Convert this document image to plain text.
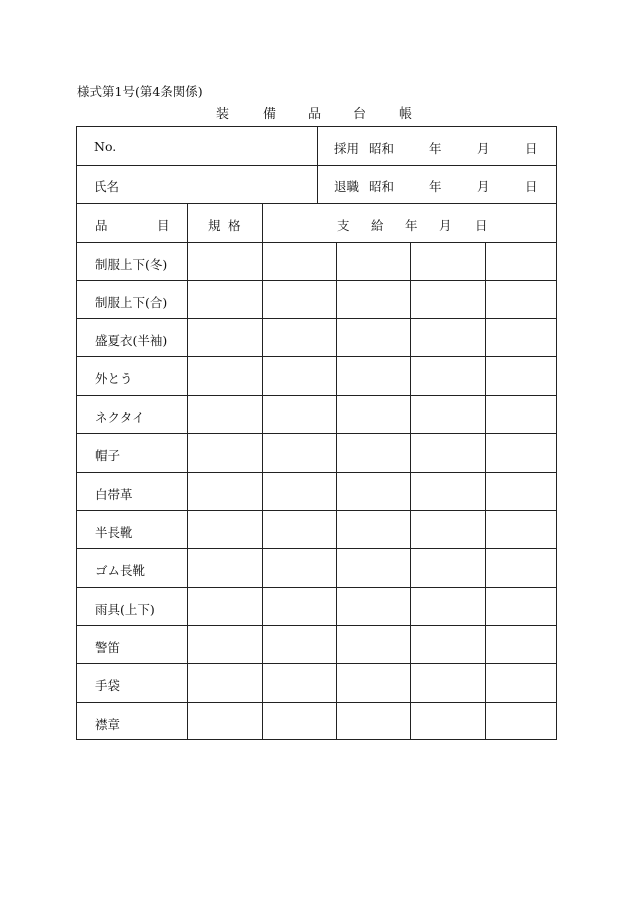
様式第1号(第4条関係)
装	備 品 台	帳
No.	採用 昭和	年	月	日
氏名	退職 昭和	年	月	日
品	目	規 格	支 給 年 月 日
制服上下(冬)
制服上下(合)
盛夏衣(半袖)
外とう
ネクタイ
帽子
白帯革
半長靴
ゴム長靴
雨具(上下)
警笛
手袋
襟章
